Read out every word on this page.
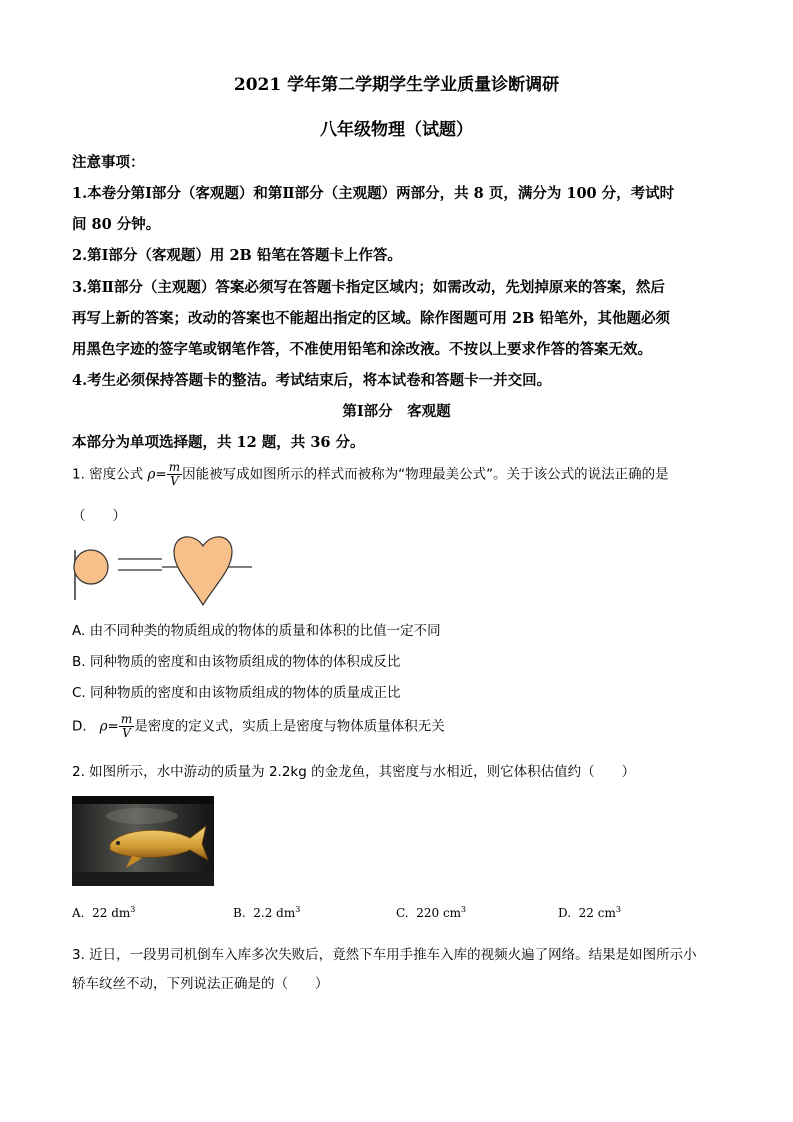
2021 学年第二学期学生学业质量诊断调研
八年级物理（试题）
注意事项：
1.本卷分第Ⅰ部分（客观题）和第Ⅱ部分（主观题）两部分，共 8 页，满分为 100 分，考试时
间 80 分钟。
2.第Ⅰ部分（客观题）用 2B 铅笔在答题卡上作答。
3.第Ⅱ部分（主观题）答案必须写在答题卡指定区域内；如需改动，先划掉原来的答案，然后
再写上新的答案；改动的答案也不能超出指定的区域。除作图题可用 2B 铅笔外，其他题必须
用黑色字迹的签字笔或钢笔作答，不准使用铅笔和涂改液。不按以上要求作答的答案无效。
4.考生必须保持答题卡的整洁。考试结束后，将本试卷和答题卡一并交回。
第Ⅰ部分　客观题
本部分为单项选择题，共 12 题，共 36 分。
1. 密度公式 $\rho= \frac{m}{V}$ 因能被写成如图所示的样式而被称为“物理最美公式”。关于该公式的说法正确的是
（　　）
A. 由不同种类的物质组成的物体的质量和体积的比值一定不同
B. 同种物质的密度和由该物质组成的物体的体积成反比
C. 同种物质的密度和由该物质组成的物体的质量成正比
D. $\rho= \frac{m}{V}$ 是密度的定义式，实质上是密度与物体质量体积无关
2. 如图所示，水中游动的质量为 2.2kg 的金龙鱼，其密度与水相近，则它体积估值约（　　）
A. 22 $dm^3$	B. 2.2 $dm^3$	C. 220 $cm^3$	D. 22 $cm^3$
3. 近日，一段男司机倒车入库多次失败后，竟然下车用手推车入库的视频火遍了网络。结果是如图所示小
轿车纹丝不动，下列说法正确是的（　　）
